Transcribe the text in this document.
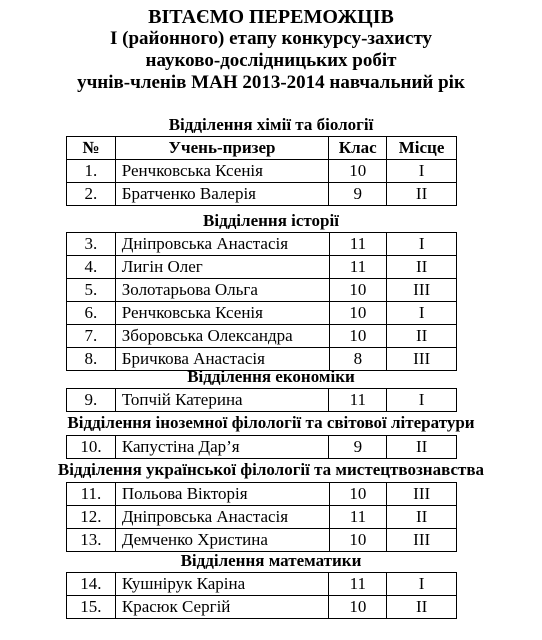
ВІТАЄМО ПЕРЕМОЖЦІВ
І (районного) етапу конкурсу-захисту
науково-дослідницьких робіт
учнів-членів МАН 2013-2014 навчальний рік
Відділення хімії та біології
№	Учень-призер	Клас	Місце
1.	Ренчковська Ксенія	10	I
2.	Братченко Валерія	9	II
Відділення історії
3.	Дніпровська Анастасія	11	I
4.	Лигін Олег	11	II
5.	Золотарьова Ольга	10	III
6.	Ренчковська Ксенія	10	I
7.	Зборовська Олександра	10	II
8.	Бричкова Анастасія	8	III
Відділення економіки
9.	Топчій Катерина	11	I
Відділення іноземної філології та світової літератури
10.	Капустіна Дар’я	9	II
Відділення української філології та мистецтвознавства
11.	Польова Вікторія	10	III
12.	Дніпровська Анастасія	11	II
13.	Демченко Христина	10	III
Відділення математики
14.	Кушнірук Каріна	11	I
15.	Красюк Сергій	10	II
